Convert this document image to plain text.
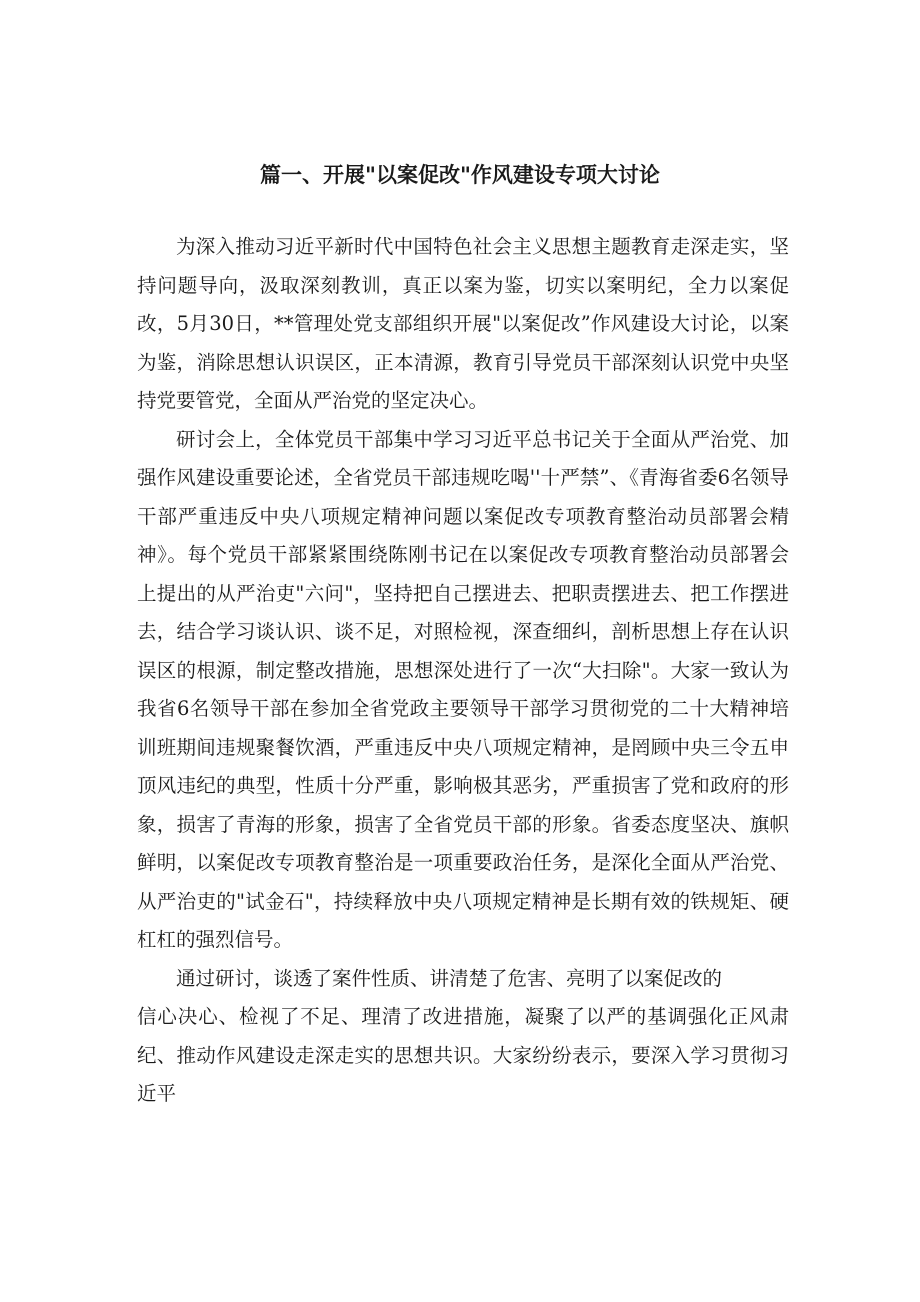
篇一、开展"以案促改"作风建设专项大讨论

为深入推动习近平新时代中国特色社会主义思想主题教育走深走实，坚持问题导向，汲取深刻教训，真正以案为鉴，切实以案明纪，全力以案促改，5月30日，**管理处党支部组织开展"以案促改”作风建设大讨论，以案为鉴，消除思想认识误区，正本清源，教育引导党员干部深刻认识党中央坚持党要管党，全面从严治党的坚定决心。

研讨会上，全体党员干部集中学习习近平总书记关于全面从严治党、加强作风建设重要论述，全省党员干部违规吃喝''十严禁”、《青海省委6名领导干部严重违反中央八项规定精神问题以案促改专项教育整治动员部署会精神》。每个党员干部紧紧围绕陈刚书记在以案促改专项教育整治动员部署会上提出的从严治吏"六问"，坚持把自己摆进去、把职责摆进去、把工作摆进去，结合学习谈认识、谈不足，对照检视，深查细纠，剖析思想上存在认识误区的根源，制定整改措施，思想深处进行了一次“大扫除"。大家一致认为我省6名领导干部在参加全省党政主要领导干部学习贯彻党的二十大精神培训班期间违规聚餐饮酒，严重违反中央八项规定精神，是罔顾中央三令五申顶风违纪的典型，性质十分严重，影响极其恶劣，严重损害了党和政府的形象，损害了青海的形象，损害了全省党员干部的形象。省委态度坚决、旗帜鲜明，以案促改专项教育整治是一项重要政治任务，是深化全面从严治党、从严治吏的"试金石"，持续释放中央八项规定精神是长期有效的铁规矩、硬杠杠的强烈信号。

通过研讨，谈透了案件性质、讲清楚了危害、亮明了以案促改的

信心决心、检视了不足、理清了改进措施，凝聚了以严的基调强化正风肃纪、推动作风建设走深走实的思想共识。大家纷纷表示，要深入学习贯彻习近平
